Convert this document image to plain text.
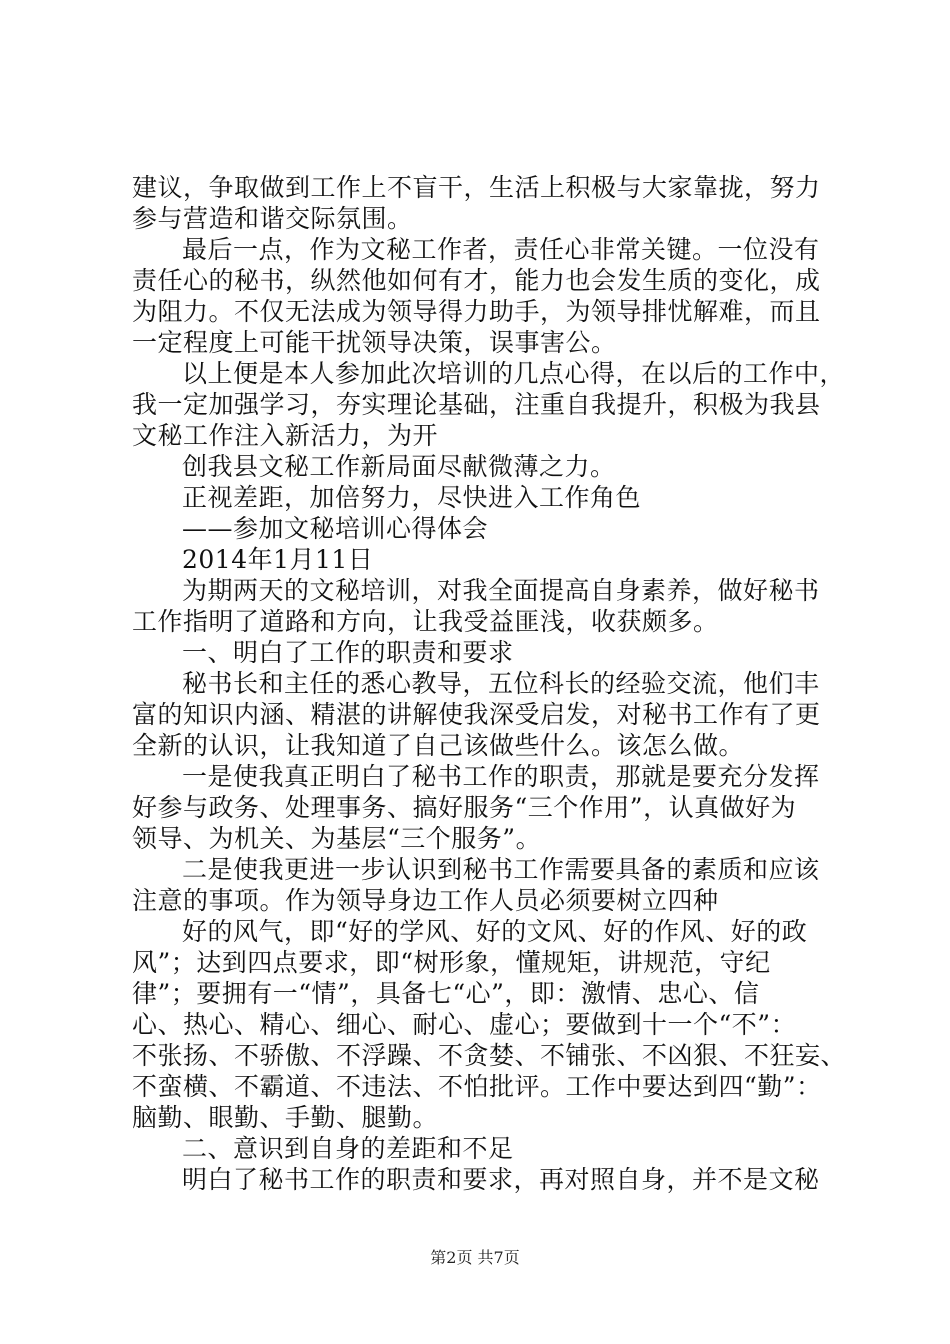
建议，争取做到工作上不盲干，生活上积极与大家靠拢，努力
参与营造和谐交际氛围。
最后一点，作为文秘工作者，责任心非常关键。一位没有
责任心的秘书，纵然他如何有才，能力也会发生质的变化，成
为阻力。不仅无法成为领导得力助手，为领导排忧解难，而且
一定程度上可能干扰领导决策，误事害公。
以上便是本人参加此次培训的几点心得，在以后的工作中，
我一定加强学习，夯实理论基础，注重自我提升，积极为我县
文秘工作注入新活力，为开
创我县文秘工作新局面尽献微薄之力。
正视差距，加倍努力，尽快进入工作角色
——参加文秘培训心得体会
2014年1月11日
为期两天的文秘培训，对我全面提高自身素养，做好秘书
工作指明了道路和方向，让我受益匪浅，收获颇多。
一、明白了工作的职责和要求
秘书长和主任的悉心教导，五位科长的经验交流，他们丰
富的知识内涵、精湛的讲解使我深受启发，对秘书工作有了更
全新的认识，让我知道了自己该做些什么。该怎么做。
一是使我真正明白了秘书工作的职责，那就是要充分发挥
好参与政务、处理事务、搞好服务“三个作用”，认真做好为
领导、为机关、为基层“三个服务”。
二是使我更进一步认识到秘书工作需要具备的素质和应该
注意的事项。作为领导身边工作人员必须要树立四种
好的风气，即“好的学风、好的文风、好的作风、好的政
风”；达到四点要求，即“树形象，懂规矩，讲规范，守纪
律”；要拥有一“情”，具备七“心”，即：激情、忠心、信
心、热心、精心、细心、耐心、虚心；要做到十一个“不”：
不张扬、不骄傲、不浮躁、不贪婪、不铺张、不凶狠、不狂妄、
不蛮横、不霸道、不违法、不怕批评。工作中要达到四“勤”：
脑勤、眼勤、手勤、腿勤。
二、意识到自身的差距和不足
明白了秘书工作的职责和要求，再对照自身，并不是文秘
第2页 共7页
